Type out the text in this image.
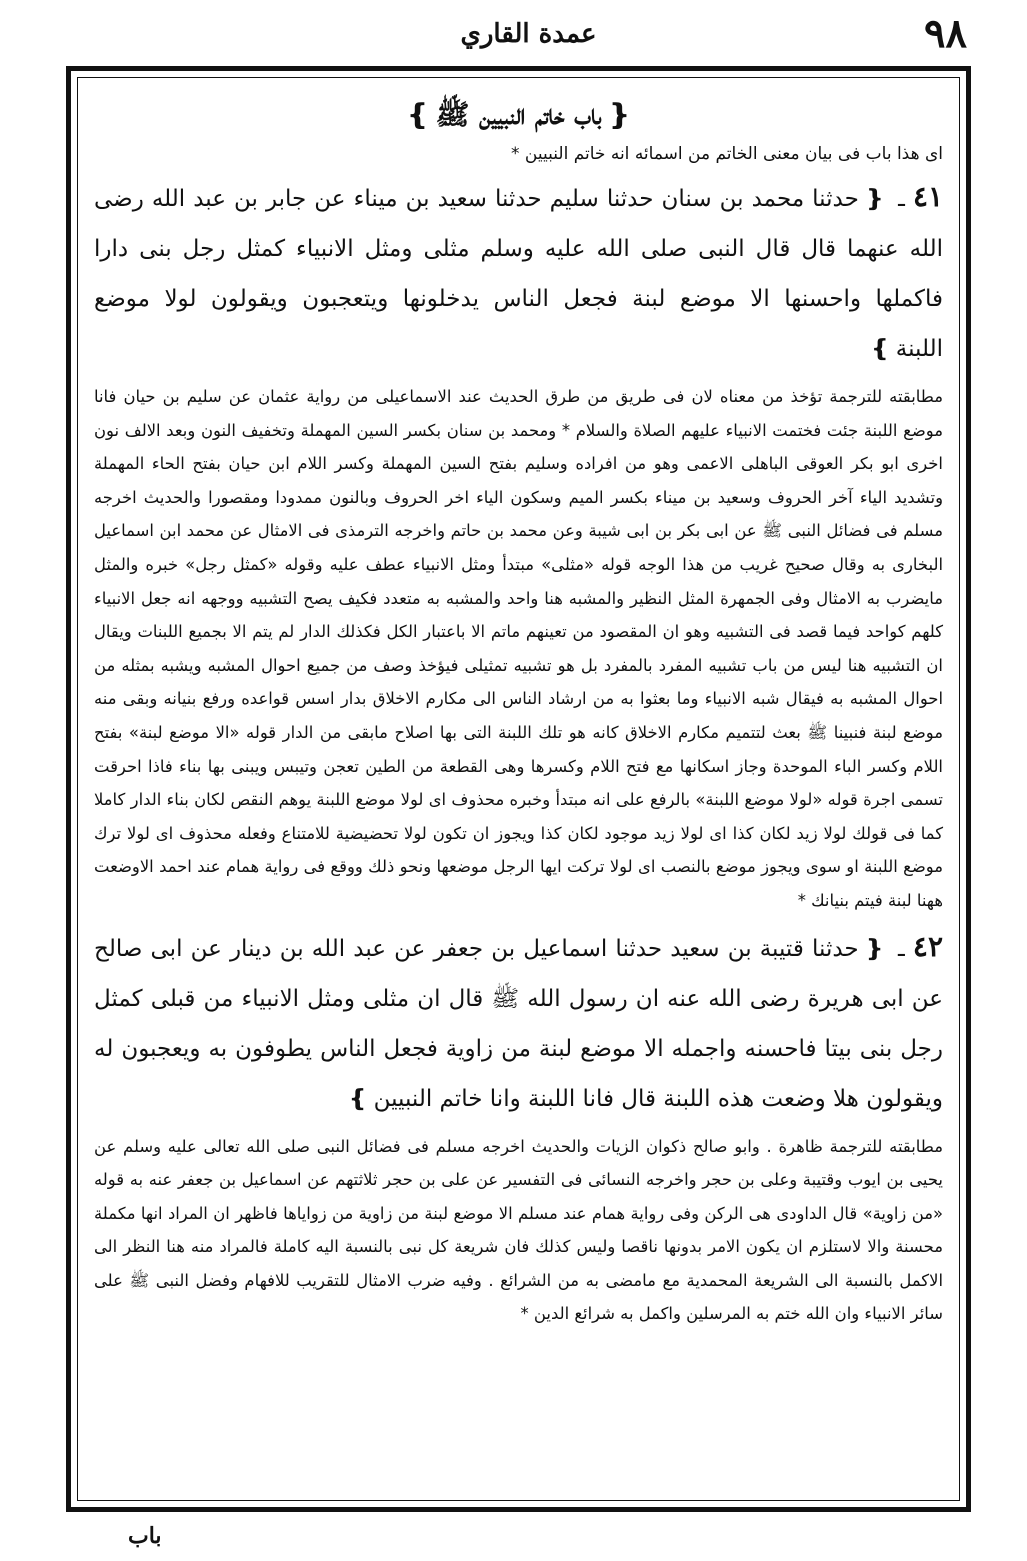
٩٨
عمدة القاري
❴باب خاتم النبيين ﷺ❵
اى هذا باب فى بيان معنى الخاتم من اسمائه انه خاتم النبيين *
٤١ ـ ❴حدثنا محمد بن سنان حدثنا سليم حدثنا سعيد بن ميناء عن جابر بن عبد الله رضى الله عنهما قال قال النبى صلى الله عليه وسلم مثلى ومثل الانبياء كمثل رجل بنى دارا فاكملها واحسنها الا موضع لبنة فجعل الناس يدخلونها ويتعجبون ويقولون لولا موضع اللبنة❵
مطابقته للترجمة تؤخذ من معناه لان فى طريق من طرق الحديث عند الاسماعيلى من رواية عثمان عن سليم بن حيان فانا موضع اللبنة جئت فختمت الانبياء عليهم الصلاة والسلام * ومحمد بن سنان بكسر السين المهملة وتخفيف النون وبعد الالف نون اخرى ابو بكر العوقى الباهلى الاعمى وهو من افراده وسليم بفتح السين المهملة وكسر اللام ابن حيان بفتح الحاء المهملة وتشديد الياء آخر الحروف وسعيد بن ميناء بكسر الميم وسكون الياء اخر الحروف وبالنون ممدودا ومقصورا والحديث اخرجه مسلم فى فضائل النبى ﷺ عن ابى بكر بن ابى شيبة وعن محمد بن حاتم واخرجه الترمذى فى الامثال عن محمد ابن اسماعيل البخارى به وقال صحيح غريب من هذا الوجه قوله «مثلى» مبتدأ ومثل الانبياء عطف عليه وقوله «كمثل رجل» خبره والمثل مايضرب به الامثال وفى الجمهرة المثل النظير والمشبه هنا واحد والمشبه به متعدد فكيف يصح التشبيه ووجهه انه جعل الانبياء كلهم كواحد فيما قصد فى التشبيه وهو ان المقصود من تعينهم ماتم الا باعتبار الكل فكذلك الدار لم يتم الا بجميع اللبنات ويقال ان التشبيه هنا ليس من باب تشبيه المفرد بالمفرد بل هو تشبيه تمثيلى فيؤخذ وصف من جميع احوال المشبه ويشبه بمثله من احوال المشبه به فيقال شبه الانبياء وما بعثوا به من ارشاد الناس الى مكارم الاخلاق بدار اسس قواعده ورفع بنيانه وبقى منه موضع لبنة فنبينا ﷺ بعث لتتميم مكارم الاخلاق كانه هو تلك اللبنة التى بها اصلاح مابقى من الدار قوله «الا موضع لبنة» بفتح اللام وكسر الباء الموحدة وجاز اسكانها مع فتح اللام وكسرها وهى القطعة من الطين تعجن وتيبس ويبنى بها بناء فاذا احرقت تسمى اجرة قوله «لولا موضع اللبنة» بالرفع على انه مبتدأ وخبره محذوف اى لولا موضع اللبنة يوهم النقص لكان بناء الدار كاملا كما فى قولك لولا زيد لكان كذا اى لولا زيد موجود لكان كذا ويجوز ان تكون لولا تحضيضية للامتناع وفعله محذوف اى لولا ترك موضع اللبنة او سوى ويجوز موضع بالنصب اى لولا تركت ايها الرجل موضعها ونحو ذلك ووقع فى رواية همام عند احمد الاوضعت ههنا لبنة فيتم بنيانك *
٤٢ ـ ❴حدثنا قتيبة بن سعيد حدثنا اسماعيل بن جعفر عن عبد الله بن دينار عن ابى صالح عن ابى هريرة رضى الله عنه ان رسول الله ﷺ قال ان مثلى ومثل الانبياء من قبلى كمثل رجل بنى بيتا فاحسنه واجمله الا موضع لبنة من زاوية فجعل الناس يطوفون به ويعجبون له ويقولون هلا وضعت هذه اللبنة قال فانا اللبنة وانا خاتم النبيين❵
مطابقته للترجمة ظاهرة . وابو صالح ذكوان الزيات والحديث اخرجه مسلم فى فضائل النبى صلى الله تعالى عليه وسلم عن يحيى بن ايوب وقتيبة وعلى بن حجر واخرجه النسائى فى التفسير عن على بن حجر ثلاثتهم عن اسماعيل بن جعفر عنه به قوله «من زاوية» قال الداودى هى الركن وفى رواية همام عند مسلم الا موضع لبنة من زاوية من زواياها فاظهر ان المراد انها مكملة محسنة والا لاستلزم ان يكون الامر بدونها ناقصا وليس كذلك فان شريعة كل نبى بالنسبة اليه كاملة فالمراد منه هنا النظر الى الاكمل بالنسبة الى الشريعة المحمدية مع مامضى به من الشرائع . وفيه ضرب الامثال للتقريب للافهام وفضل النبى ﷺ على سائر الانبياء وان الله ختم به المرسلين واكمل به شرائع الدين *
باب
